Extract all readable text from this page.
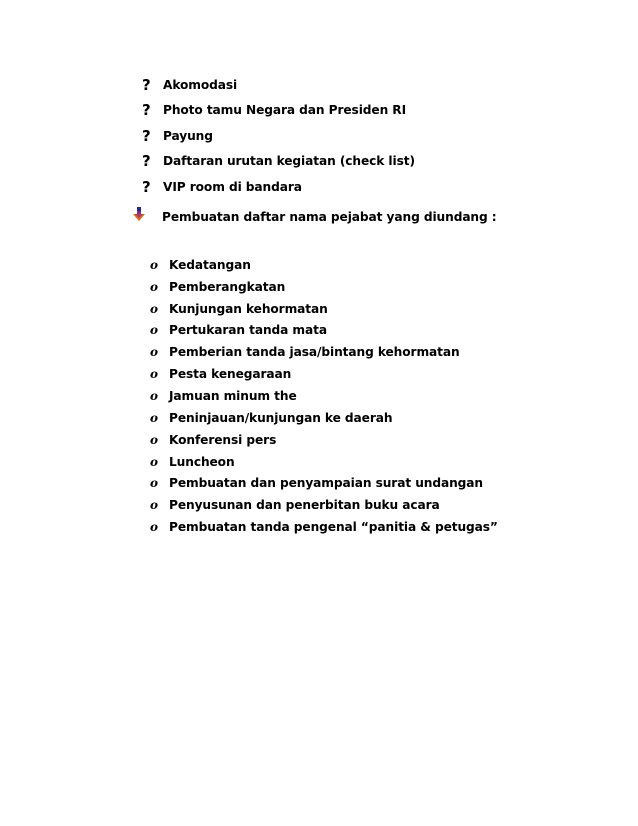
?	Akomodasi
?	Photo tamu Negara dan Presiden RI
?	Payung
?	Daftaran urutan kegiatan (check list)
?	VIP room di bandara
Pembuatan daftar nama pejabat yang diundang :
o Kedatangan
o Pemberangkatan
o Kunjungan kehormatan
o Pertukaran tanda mata
o Pemberian tanda jasa/bintang kehormatan
o Pesta kenegaraan
o Jamuan minum the
o Peninjauan/kunjungan ke daerah
o Konferensi pers
o Luncheon
o Pembuatan dan penyampaian surat undangan
o Penyusunan dan penerbitan buku acara
o Pembuatan tanda pengenal “panitia & petugas”
